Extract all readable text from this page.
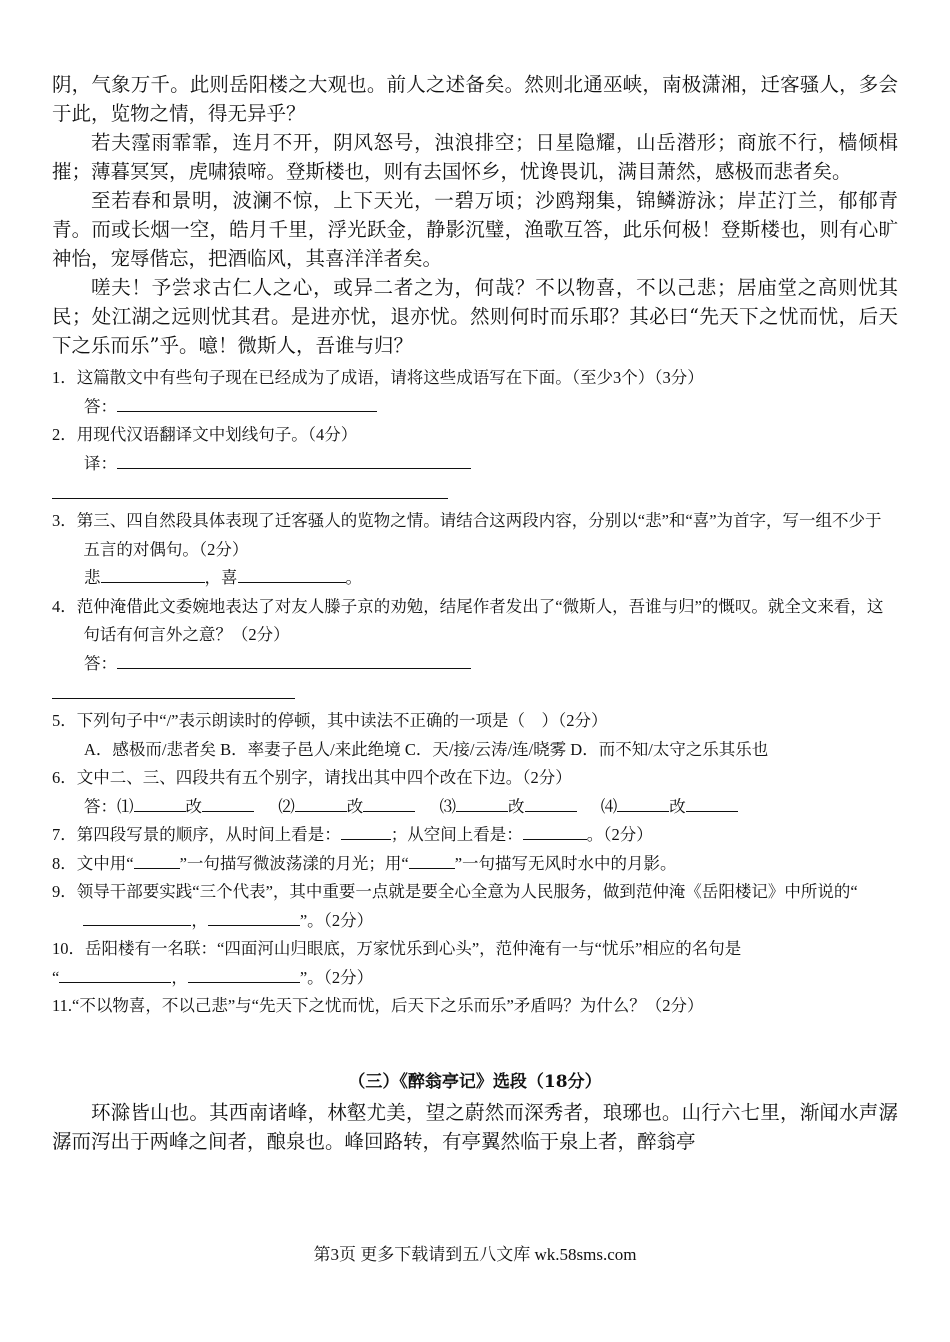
阴，气象万千。此则岳阳楼之大观也。前人之述备矣。然则北通巫峡，南极潇湘，迁客骚人，多会于此，览物之情，得无异乎？

若夫霪雨霏霏，连月不开，阴风怒号，浊浪排空；日星隐耀，山岳潜形；商旅不行，樯倾楫摧；薄暮冥冥，虎啸猿啼。登斯楼也，则有去国怀乡，忧谗畏讥，满目萧然，感极而悲者矣。

至若春和景明，波澜不惊，上下天光，一碧万顷；沙鸥翔集，锦鳞游泳；岸芷汀兰，郁郁青青。而或长烟一空，皓月千里，浮光跃金，静影沉璧，渔歌互答，此乐何极！登斯楼也，则有心旷神怡，宠辱偕忘，把酒临风，其喜洋洋者矣。

嗟夫！予尝求古仁人之心，或异二者之为，何哉？不以物喜，不以己悲；居庙堂之高则忧其民；处江湖之远则忧其君。是进亦忧，退亦忧。然则何时而乐耶？其必曰“先天下之忧而忧，后天下之乐而乐”乎。噫！微斯人，吾谁与归？

1．这篇散文中有些句子现在已经成为了成语，请将这些成语写在下面。（至少3个）（3分）

答：

2．用现代汉语翻译文中划线句子。（4分）

译：

3．第三、四自然段具体表现了迁客骚人的览物之情。请结合这两段内容，分别以“悲”和“喜”为首字，写一组不少于五言的对偶句。（2分）

悲	，喜	。

4．范仲淹借此文委婉地表达了对友人滕子京的劝勉，结尾作者发出了“微斯人，吾谁与归”的慨叹。就全文来看，这句话有何言外之意？（2分）

答：

5．下列句子中“/”表示朗读时的停顿，其中读法不正确的一项是（　）（2分）

A．感极而/悲者矣 B．率妻子邑人/来此绝境 C．天/接/云涛/连/晓雾 D．而不知/太守之乐其乐也

6．文中二、三、四段共有五个别字，请找出其中四个改在下边。（2分）

答：⑴	改	⑵	改	⑶	改	⑷	改

7．第四段写景的顺序，从时间上看是：	；从空间上看是：	。（2分）

8．文中用“	”一句描写微波荡漾的月光；用“	”一句描写无风时水中的月影。

9．领导干部要实践“三个代表”，其中重要一点就是要全心全意为人民服务，做到范仲淹《岳阳楼记》中所说的“，	”。（2分）

10．岳阳楼有一名联：“四面河山归眼底，万家忧乐到心头”，范仲淹有一与“忧乐”相应的名句是

“	，	”。（2分）

11.“不以物喜，不以己悲”与“先天下之忧而忧，后天下之乐而乐”矛盾吗？为什么？（2分）

（三）《醉翁亭记》选段（18分）

环滁皆山也。其西南诸峰，林壑尤美，望之蔚然而深秀者，琅琊也。山行六七里，渐闻水声潺潺而泻出于两峰之间者，酿泉也。峰回路转，有亭翼然临于泉上者，醉翁亭

第3页 更多下载请到五八文库 wk.58sms.com
